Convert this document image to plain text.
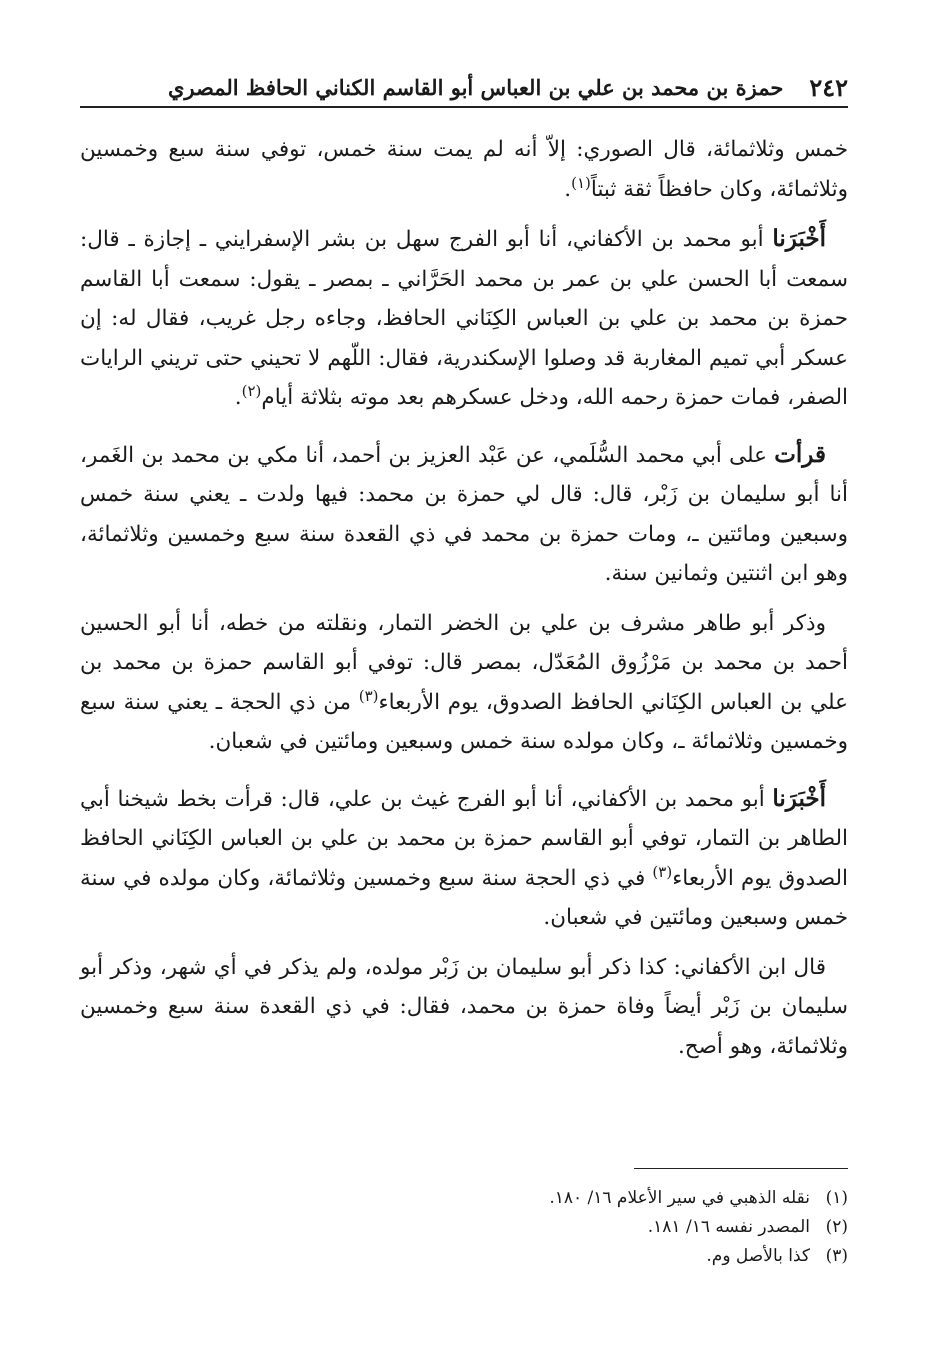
٢٤٢
حمزة بن محمد بن علي بن العباس أبو القاسم الكناني الحافظ المصري

خمس وثلاثمائة، قال الصوري: إلاّ أنه لم يمت سنة خمس، توفي سنة سبع وخمسين وثلاثمائة، وكان حافظاً ثقة ثبتاً$^{(١)}$.

أَخْبَرَنا أبو محمد بن الأكفاني، أنا أبو الفرج سهل بن بشر الإسفرايني ـ إجازة ـ قال: سمعت أبا الحسن علي بن عمر بن محمد الحَرَّاني ـ بمصر ـ يقول: سمعت أبا القاسم حمزة بن محمد بن علي بن العباس الكِنَاني الحافظ، وجاءه رجل غريب، فقال له: إن عسكر أبي تميم المغاربة قد وصلوا الإسكندرية، فقال: اللّهم لا تحيني حتى تريني الرايات الصفر، فمات حمزة رحمه الله، ودخل عسكرهم بعد موته بثلاثة أيام$^{(٢)}$.

قرأت على أبي محمد السُّلَمي، عن عَبْد العزيز بن أحمد، أنا مكي بن محمد بن الغَمر، أنا أبو سليمان بن زَبْر، قال: قال لي حمزة بن محمد: فيها ولدت ـ يعني سنة خمس وسبعين ومائتين ـ، ومات حمزة بن محمد في ذي القعدة سنة سبع وخمسين وثلاثمائة، وهو ابن اثنتين وثمانين سنة.

وذكر أبو طاهر مشرف بن علي بن الخضر التمار، ونقلته من خطه، أنا أبو الحسين أحمد بن محمد بن مَرْزُوق المُعَدّل، بمصر قال: توفي أبو القاسم حمزة بن محمد بن علي بن العباس الكِنَاني الحافظ الصدوق، يوم الأربعاء$^{(٣)}$ من ذي الحجة ـ يعني سنة سبع وخمسين وثلاثمائة ـ، وكان مولده سنة خمس وسبعين ومائتين في شعبان.

أَخْبَرَنا أبو محمد بن الأكفاني، أنا أبو الفرج غيث بن علي، قال: قرأت بخط شيخنا أبي الطاهر بن التمار، توفي أبو القاسم حمزة بن محمد بن علي بن العباس الكِنَاني الحافظ الصدوق يوم الأربعاء$^{(٣)}$ في ذي الحجة سنة سبع وخمسين وثلاثمائة، وكان مولده في سنة خمس وسبعين ومائتين في شعبان.

قال ابن الأكفاني: كذا ذكر أبو سليمان بن زَبْر مولده، ولم يذكر في أي شهر، وذكر أبو سليمان بن زَبْر أيضاً وفاة حمزة بن محمد، فقال: في ذي القعدة سنة سبع وخمسين وثلاثمائة، وهو أصح.

(١)
نقله الذهبي في سير الأعلام ١٦/ ١٨٠.
(٢)
المصدر نفسه ١٦/ ١٨١.
(٣)
كذا بالأصل وم.
